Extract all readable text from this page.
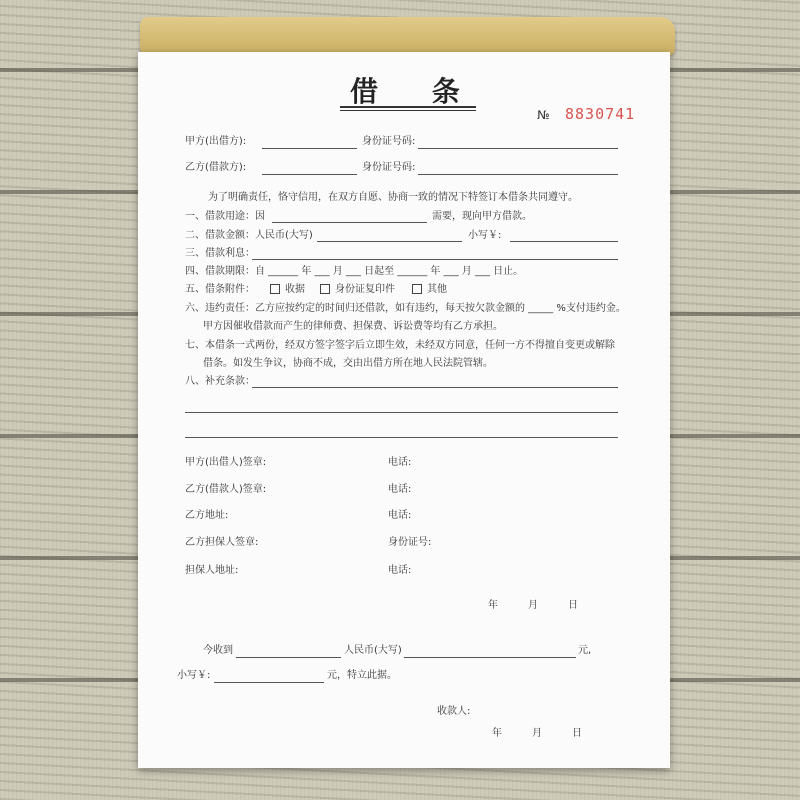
借 条
№ 8830741
甲方(出借方):	身份证号码:
乙方(借款方):	身份证号码:
为了明确责任，恪守信用，在双方自愿、协商一致的情况下特签订本借条共同遵守。
一、借款用途：因	需要，现向甲方借款。
二、借款金额：人民币(大写)	小写￥:
三、借款利息：
四、借款期限：自 ______ 年 ___ 月 ___ 日起至 ______ 年 ___ 月 ___ 日止。
五、借条附件：	收据	身份证复印件	其他
六、违约责任：乙方应按约定的时间归还借款，如有违约，每天按欠款金额的 _____ %支付违约金。
甲方因催收借款而产生的律师费、担保费、诉讼费等均有乙方承担。
七、本借条一式两份，经双方签字签字后立即生效，未经双方同意，任何一方不得擅自变更或解除
借条。如发生争议，协商不成，交由出借方所在地人民法院管辖。
八、补充条款：
甲方(出借人)签章:	电话:
乙方(借款人)签章:	电话:
乙方地址:	电话:
乙方担保人签章:	身份证号:
担保人地址:	电话:
年　　　月　　　日
今收到	人民币(大写)	元,
小写￥:	元，特立此据。
收款人:
年　　　月　　　日
